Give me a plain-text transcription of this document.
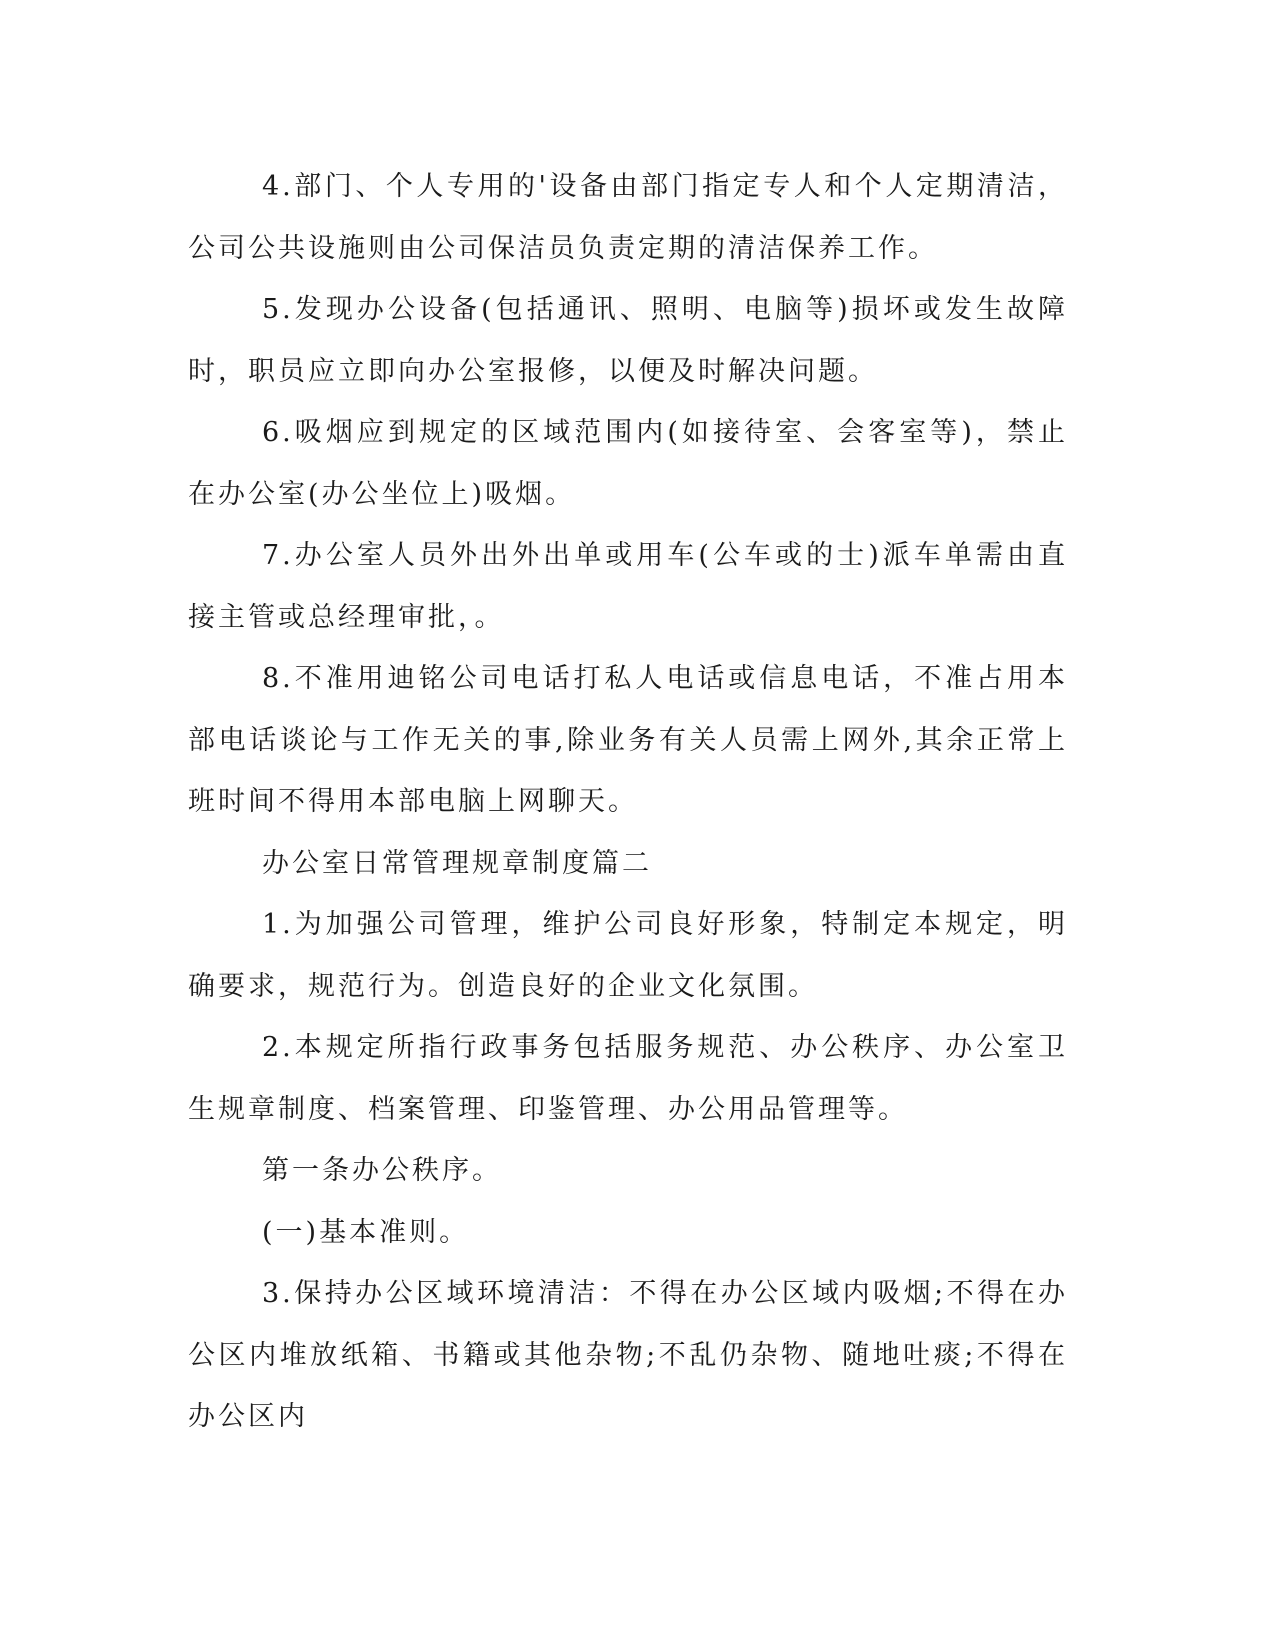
4.部门、个人专用的'设备由部门指定专人和个人定期清洁，公司公共设施则由公司保洁员负责定期的清洁保养工作。

5.发现办公设备(包括通讯、照明、电脑等)损坏或发生故障时，职员应立即向办公室报修，以便及时解决问题。

6.吸烟应到规定的区域范围内(如接待室、会客室等)，禁止在办公室(办公坐位上)吸烟。

7.办公室人员外出外出单或用车(公车或的士)派车单需由直接主管或总经理审批，。

8.不准用迪铭公司电话打私人电话或信息电话，不准占用本部电话谈论与工作无关的事,除业务有关人员需上网外,其余正常上班时间不得用本部电脑上网聊天。

办公室日常管理规章制度篇二

1.为加强公司管理，维护公司良好形象，特制定本规定，明确要求，规范行为。创造良好的企业文化氛围。

2.本规定所指行政事务包括服务规范、办公秩序、办公室卫生规章制度、档案管理、印鉴管理、办公用品管理等。

第一条办公秩序。

(一)基本准则。

3.保持办公区域环境清洁：不得在办公区域内吸烟;不得在办公区内堆放纸箱、书籍或其他杂物;不乱仍杂物、随地吐痰;不得在办公区内
